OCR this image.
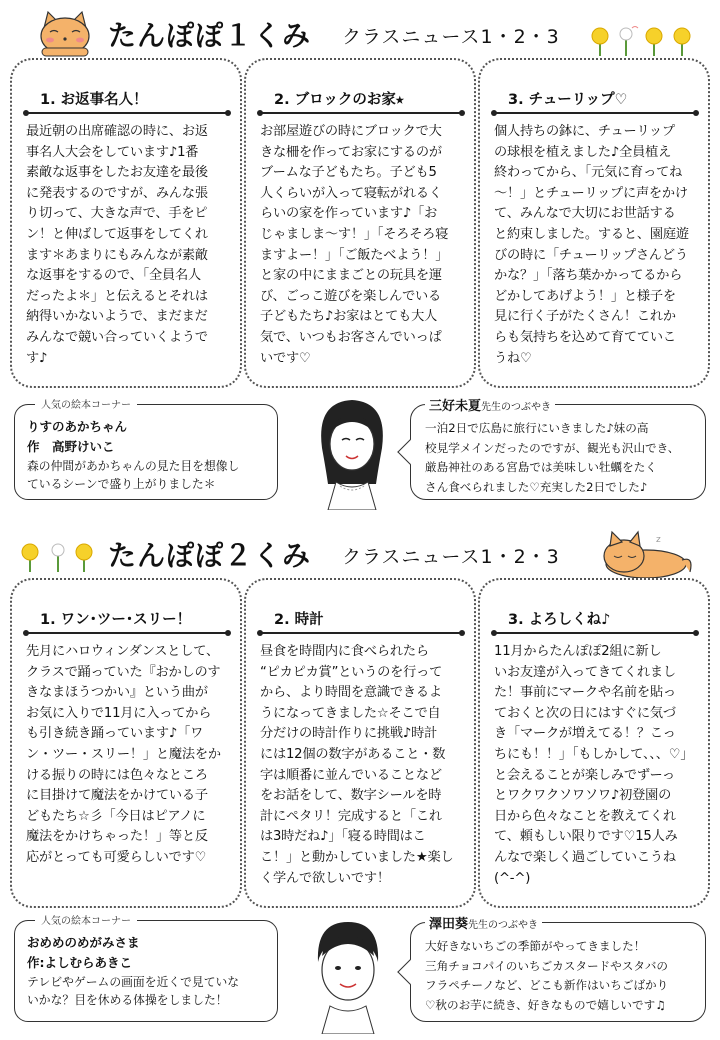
たんぽぽ１くみ クラスニュース1・2・3
1. お返事名人！
最近朝の出席確認の時に、お返
事名人大会をしています♪1番
素敵な返事をしたお友達を最後
に発表するのですが、みんな張
り切って、大きな声で、手をピ
ン！と伸ばして返事をしてくれ
ます＊あまりにもみんなが素敵
な返事をするので、「全員名人
だったよ＊」と伝えるとそれは
納得いかないようで、まだまだ
みんなで競い合っていくようで
す♪
2. ブロックのお家⭑
お部屋遊びの時にブロックで大
きな柵を作ってお家にするのが
ブームな子どもたち。子ども5
人くらいが入って寝転がれるく
らいの家を作っています♪「お
じゃましま～す！」「そろそろ寝
ますよー！」「ご飯たべよう！」
と家の中にままごとの玩具を運
び、ごっこ遊びを楽しんでいる
子どもたち♪お家はとても大人
気で、いつもお客さんでいっぱ
いです♡
3. チューリップ♡
個人持ちの鉢に、チューリップ
の球根を植えました♪全員植え
終わってから、「元気に育ってね
～！」とチューリップに声をかけ
て、みんなで大切にお世話する
と約束しました。すると、園庭遊
びの時に「チューリップさんどう
かな？」「落ち葉かかってるから
どかしてあげよう！」と様子を
見に行く子がたくさん！これか
らも気持ちを込めて育てていこ
うね♡
人気の絵本コーナー
りすのあかちゃん
作　高野けいこ
森の仲間があかちゃんの見た目を想像し
ているシーンで盛り上がりました＊
三好未夏先生のつぶやき
一泊2日で広島に旅行にいきました♪妹の高
校見学メインだったのですが、観光も沢山でき、
厳島神社のある宮島では美味しい牡蠣をたく
さん食べられました♡充実した2日でした♪
たんぽぽ２くみ クラスニュース1・2・3
z
1. ワン･ツー･スリー！
先月にハロウィンダンスとして、
クラスで踊っていた『おかしのす
きなまほうつかい』という曲が
お気に入りで11月に入ってから
も引き続き踊っています♪「ワ
ン・ツー・スリー！」と魔法をか
ける振りの時には色々なところ
に目掛けて魔法をかけている子
どもたち☆彡「今日はピアノに
魔法をかけちゃった！」等と反
応がとっても可愛らしいです♡
2. 時計
昼食を時間内に食べられたら
“ピカピカ賞”というのを行って
から、より時間を意識できるよ
うになってきました☆そこで自
分だけの時計作りに挑戦♪時計
には12個の数字があること・数
字は順番に並んでいることなど
をお話をして、数字シールを時
計にペタリ！完成すると「これ
は3時だね♪」「寝る時間はこ
こ！」と動かしていました★楽し
く学んで欲しいです！
3. よろしくね♪
11月からたんぽぽ2組に新し
いお友達が入ってきてくれまし
た！事前にマークや名前を貼っ
ておくと次の日にはすぐに気づ
き「マークが増えてる！？こっ
ちにも！！」「もしかして、、、♡」
と会えることが楽しみでずーっ
とワクワクソワソワ♪初登園の
日から色々なことを教えてくれ
て、頼もしい限りです♡15人み
んなで楽しく過ごしていこうね
(^-^)
人気の絵本コーナー
おめめのめがみさま
作:よしむらあきこ
テレビやゲームの画面を近くで見ていな
いかな？目を休める体操をしました！
澤田葵先生のつぶやき
大好きないちごの季節がやってきました！
三角チョコパイのいちごカスタードやスタバの
フラペチーノなど、どこも新作はいちごばかり
♡秋のお芋に続き、好きなもので嬉しいです♫
